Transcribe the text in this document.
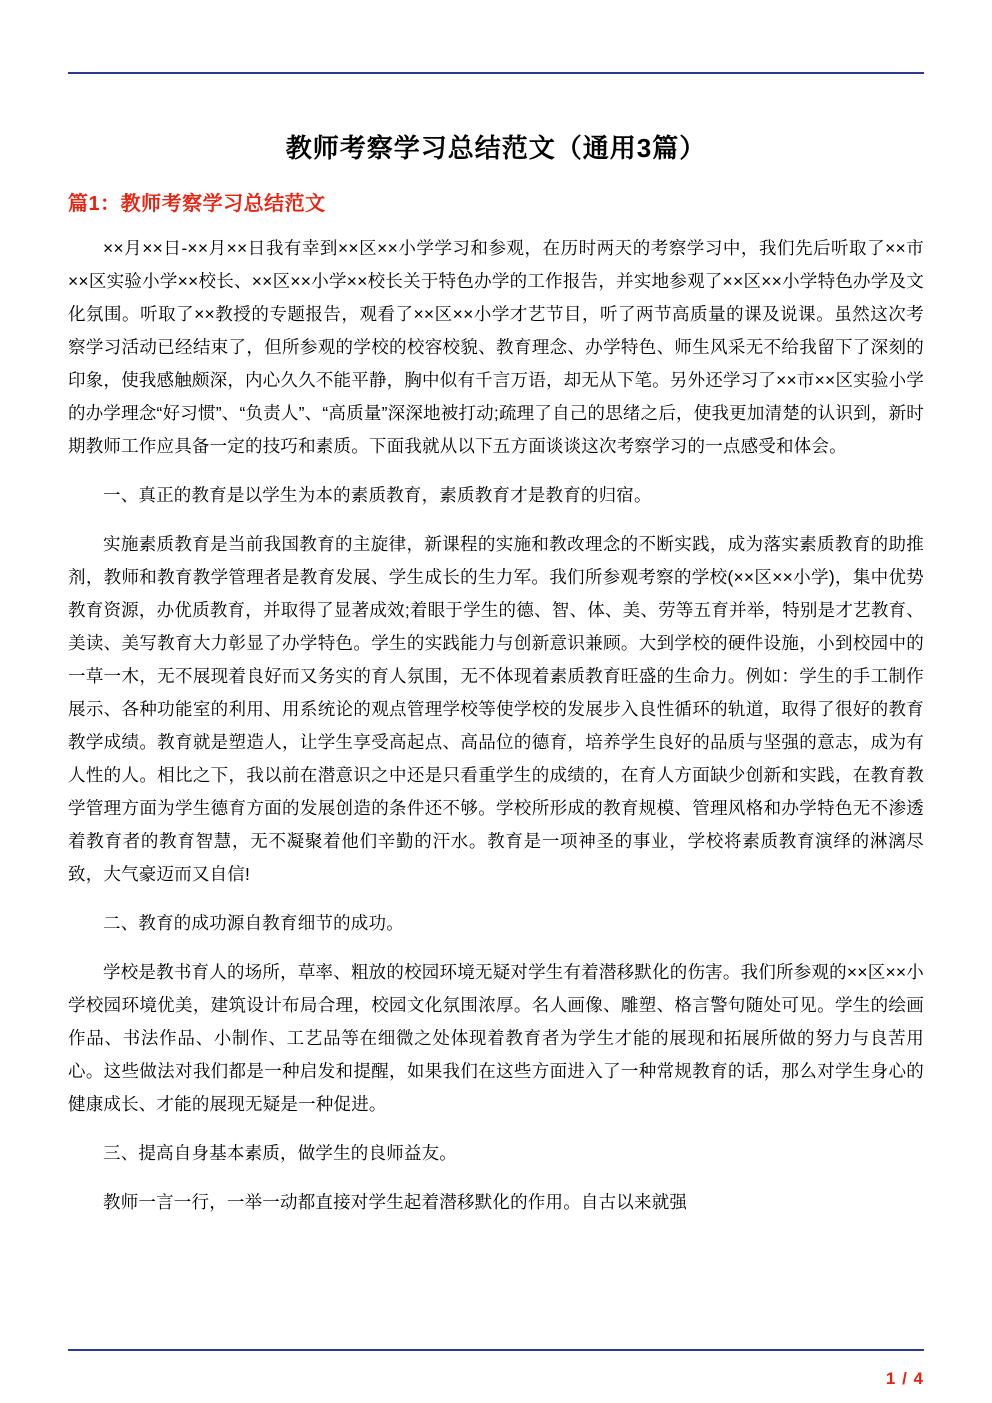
教师考察学习总结范文（通用3篇）
篇1：教师考察学习总结范文

××月××日-××月××日我有幸到××区××小学学习和参观，在历时两天的考察学习中，我们先后听取了××市××区实验小学××校长、××区××小学××校长关于特色办学的工作报告，并实地参观了××区××小学特色办学及文化氛围。听取了××教授的专题报告，观看了××区××小学才艺节目，听了两节高质量的课及说课。虽然这次考察学习活动已经结束了，但所参观的学校的校容校貌、教育理念、办学特色、师生风采无不给我留下了深刻的印象，使我感触颇深，内心久久不能平静，胸中似有千言万语，却无从下笔。另外还学习了××市××区实验小学的办学理念“好习惯”、“负责人”、“高质量”深深地被打动;疏理了自己的思绪之后，使我更加清楚的认识到，新时期教师工作应具备一定的技巧和素质。下面我就从以下五方面谈谈这次考察学习的一点感受和体会。

一、真正的教育是以学生为本的素质教育，素质教育才是教育的归宿。

实施素质教育是当前我国教育的主旋律，新课程的实施和教改理念的不断实践，成为落实素质教育的助推剂，教师和教育教学管理者是教育发展、学生成长的生力军。我们所参观考察的学校(××区××小学)，集中优势教育资源，办优质教育，并取得了显著成效;着眼于学生的德、智、体、美、劳等五育并举，特别是才艺教育、美读、美写教育大力彰显了办学特色。学生的实践能力与创新意识兼顾。大到学校的硬件设施，小到校园中的一草一木，无不展现着良好而又务实的育人氛围，无不体现着素质教育旺盛的生命力。例如：学生的手工制作展示、各种功能室的利用、用系统论的观点管理学校等使学校的发展步入良性循环的轨道，取得了很好的教育教学成绩。教育就是塑造人，让学生享受高起点、高品位的德育，培养学生良好的品质与坚强的意志，成为有人性的人。相比之下，我以前在潜意识之中还是只看重学生的成绩的，在育人方面缺少创新和实践，在教育教学管理方面为学生德育方面的发展创造的条件还不够。学校所形成的教育规模、管理风格和办学特色无不渗透着教育者的教育智慧，无不凝聚着他们辛勤的汗水。教育是一项神圣的事业，学校将素质教育演绎的淋漓尽致，大气豪迈而又自信!

二、教育的成功源自教育细节的成功。

学校是教书育人的场所，草率、粗放的校园环境无疑对学生有着潜移默化的伤害。我们所参观的××区××小学校园环境优美，建筑设计布局合理，校园文化氛围浓厚。名人画像、雕塑、格言警句随处可见。学生的绘画作品、书法作品、小制作、工艺品等在细微之处体现着教育者为学生才能的展现和拓展所做的努力与良苦用心。这些做法对我们都是一种启发和提醒，如果我们在这些方面进入了一种常规教育的话，那么对学生身心的健康成长、才能的展现无疑是一种促进。

三、提高自身基本素质，做学生的良师益友。

教师一言一行，一举一动都直接对学生起着潜移默化的作用。自古以来就强

1 / 4
